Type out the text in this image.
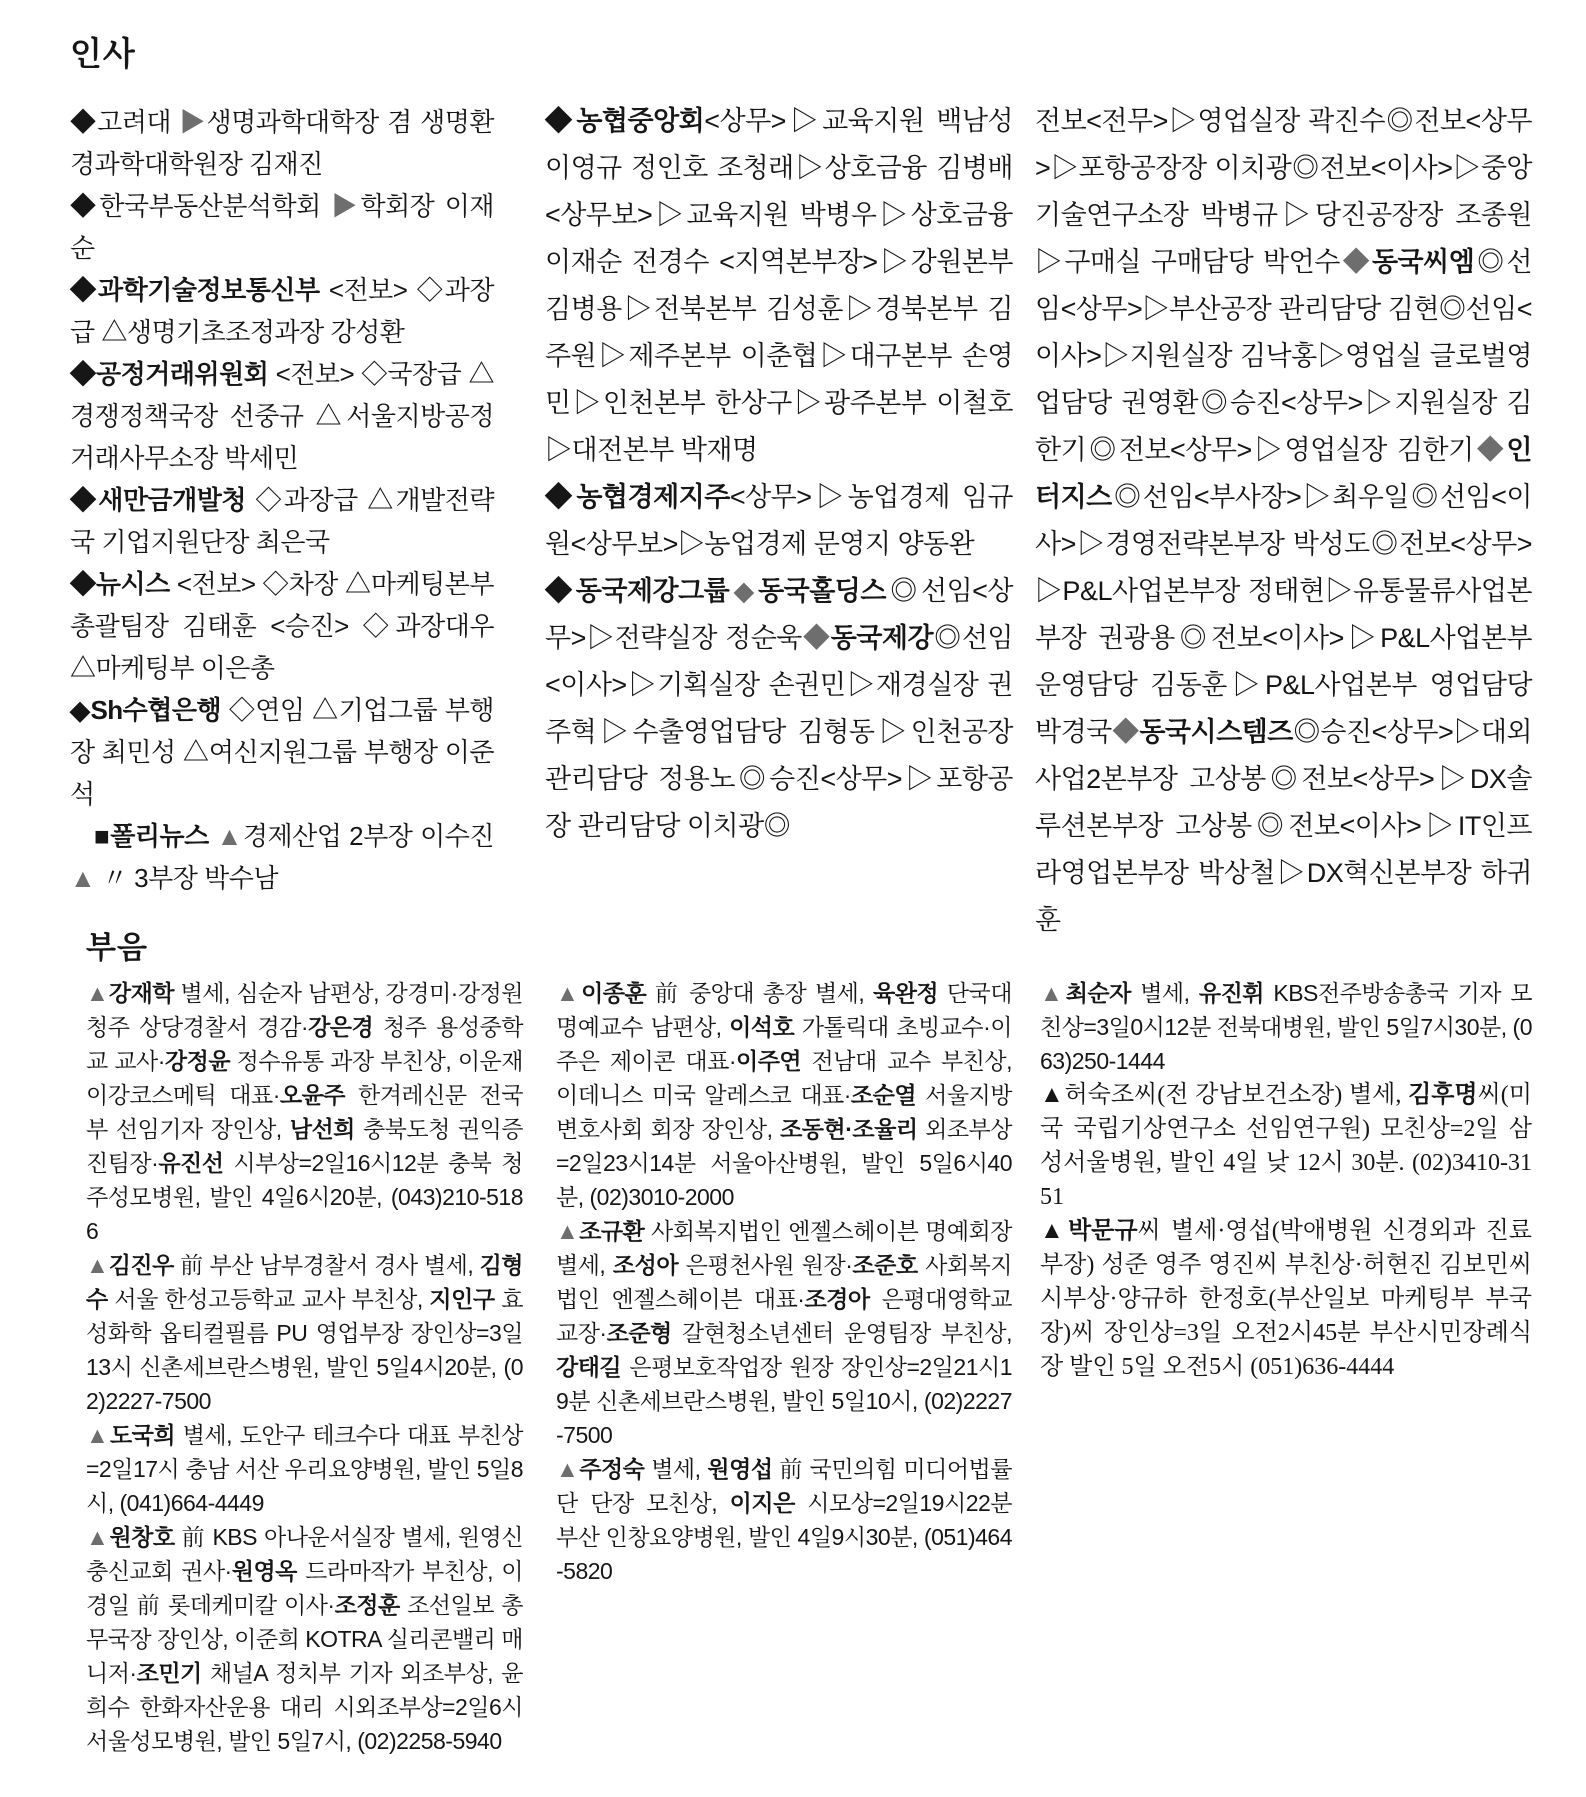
인사

◆고려대 ▶생명과학대학장 겸 생명환경과학대학원장 김재진

◆한국부동산분석학회 ▶학회장 이재순

◆과학기술정보통신부 <전보> ◇과장급 △생명기초조정과장 강성환

◆공정거래위원회 <전보> ◇국장급 △경쟁정책국장 선중규 △서울지방공정거래사무소장 박세민

◆새만금개발청 ◇과장급 △개발전략국 기업지원단장 최은국

◆뉴시스 <전보> ◇차장 △마케팅본부 총괄팀장 김태훈 <승진> ◇과장대우 △마케팅부 이은총

◆Sh수협은행 ◇연임 △기업그룹 부행장 최민성 △여신지원그룹 부행장 이준석

■폴리뉴스 ▲경제산업 2부장 이수진 ▲ 〃 3부장 박수남

◆농협중앙회<상무>▷교육지원 백남성 이영규 정인호 조청래▷상호금융 김병배<상무보>▷교육지원 박병우▷상호금융 이재순 전경수 <지역본부장>▷강원본부 김병용▷전북본부 김성훈▷경북본부 김주원▷제주본부 이춘협▷대구본부 손영민▷인천본부 한상구▷광주본부 이철호▷대전본부 박재명

◆농협경제지주<상무>▷농업경제 임규원<상무보>▷농업경제 문영지 양동완

◆동국제강그룹◆동국홀딩스◎선임<상무>▷전략실장 정순욱◆동국제강◎선임<이사>▷기획실장 손권민▷재경실장 권주혁▷수출영업담당 김형동▷인천공장 관리담당 정용노◎승진<상무>▷포항공장 관리담당 이치광◎

전보<전무>▷영업실장 곽진수◎전보<상무>▷포항공장장 이치광◎전보<이사>▷중앙기술연구소장 박병규▷당진공장장 조종원▷구매실 구매담당 박언수◆동국씨엠◎선임<상무>▷부산공장 관리담당 김현◎선임<이사>▷지원실장 김낙홍▷영업실 글로벌영업담당 권영환◎승진<상무>▷지원실장 김한기◎전보<상무>▷영업실장 김한기◆인터지스◎선임<부사장>▷최우일◎선임<이사>▷경영전략본부장 박성도◎전보<상무>▷P&L사업본부장 정태현▷유통물류사업본부장 권광용◎전보<이사>▷P&L사업본부 운영담당 김동훈▷P&L사업본부 영업담당 박경국◆동국시스템즈◎승진<상무>▷대외사업2본부장 고상봉◎전보<상무>▷DX솔루션본부장 고상봉◎전보<이사>▷IT인프라영업본부장 박상철▷DX혁신본부장 하귀훈

부음

▲강재학 별세, 심순자 남편상, 강경미·강정원 청주 상당경찰서 경감·강은경 청주 용성중학교 교사·강정윤 정수유통 과장 부친상, 이운재 이강코스메틱 대표·오윤주 한겨레신문 전국부 선임기자 장인상, 남선희 충북도청 권익증진팀장·유진선 시부상=2일16시12분 충북 청주성모병원, 발인 4일6시20분, (043)210-5186

▲김진우 前 부산 남부경찰서 경사 별세, 김형수 서울 한성고등학교 교사 부친상, 지인구 효성화학 옵티컬필름 PU 영업부장 장인상=3일13시 신촌세브란스병원, 발인 5일4시20분, (02)2227-7500

▲도국희 별세, 도안구 테크수다 대표 부친상=2일17시 충남 서산 우리요양병원, 발인 5일8시, (041)664-4449

▲원창호 前 KBS 아나운서실장 별세, 원영신 충신교회 권사·원영옥 드라마작가 부친상, 이경일 前 롯데케미칼 이사·조정훈 조선일보 총무국장 장인상, 이준희 KOTRA 실리콘밸리 매니저·조민기 채널A 정치부 기자 외조부상, 윤희수 한화자산운용 대리 시외조부상=2일6시 서울성모병원, 발인 5일7시, (02)2258-5940

▲이종훈 前 중앙대 총장 별세, 육완정 단국대 명예교수 남편상, 이석호 가톨릭대 초빙교수·이주은 제이콘 대표·이주연 전남대 교수 부친상, 이데니스 미국 알레스코 대표·조순열 서울지방변호사회 회장 장인상, 조동현·조율리 외조부상=2일23시14분 서울아산병원, 발인 5일6시40분, (02)3010-2000

▲조규환 사회복지법인 엔젤스헤이븐 명예회장 별세, 조성아 은평천사원 원장·조준호 사회복지법인 엔젤스헤이븐 대표·조경아 은평대영학교 교장·조준형 갈현청소년센터 운영팀장 부친상, 강태길 은평보호작업장 원장 장인상=2일21시19분 신촌세브란스병원, 발인 5일10시, (02)2227-7500

▲주정숙 별세, 원영섭 前 국민의힘 미디어법률단 단장 모친상, 이지은 시모상=2일19시22분 부산 인창요양병원, 발인 4일9시30분, (051)464-5820

▲최순자 별세, 유진휘 KBS전주방송총국 기자 모친상=3일0시12분 전북대병원, 발인 5일7시30분, (063)250-1444

▲허숙조씨(전 강남보건소장) 별세, 김후명씨(미국 국립기상연구소 선임연구원) 모친상=2일 삼성서울병원, 발인 4일 낮 12시 30분. (02)3410-3151

▲박문규씨 별세·영섭(박애병원 신경외과 진료부장) 성준 영주 영진씨 부친상·허현진 김보민씨 시부상·양규하 한정호(부산일보 마케팅부 부국장)씨 장인상=3일 오전2시45분 부산시민장례식장 발인 5일 오전5시 (051)636-4444
